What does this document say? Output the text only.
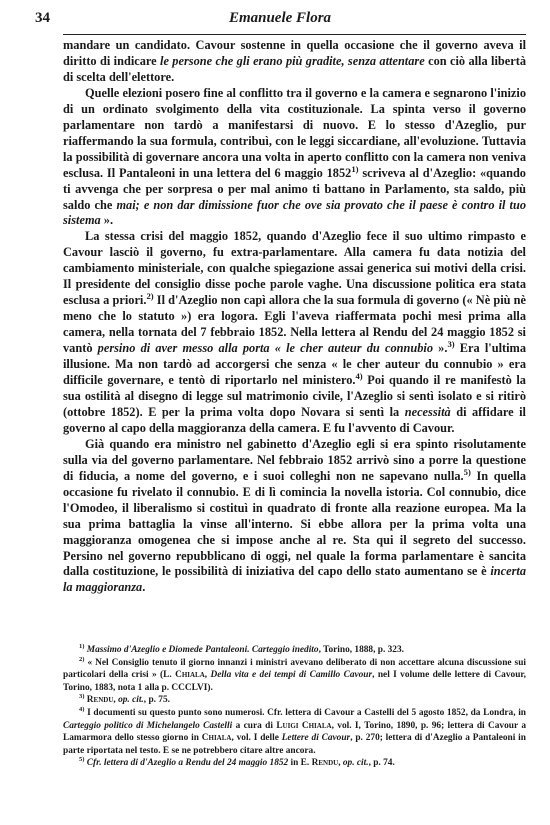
34	Emanuele Flora

mandare un candidato. Cavour sostenne in quella occasione che il governo aveva il diritto di indicare le persone che gli erano più gradite, senza attentare con ciò alla libertà di scelta dell'elettore.

Quelle elezioni posero fine al conflitto tra il governo e la camera e segnarono l'inizio di un ordinato svolgimento della vita costituzionale. La spinta verso il governo parlamentare non tardò a manifestarsi di nuovo. E lo stesso d'Azeglio, pur riaffermando la sua formula, contribuì, con le leggi siccardiane, all'evoluzione. Tuttavia la possibilità di governare ancora una volta in aperto conflitto con la camera non veniva esclusa. Il Pantaleoni in una lettera del 6 maggio 1852$^{1)}$ scriveva al d'Azeglio: «quando ti avvenga che per sorpresa o per mal animo ti battano in Parlamento, sta saldo, più saldo che mai; e non dar dimissione fuor che ove sia provato che il paese è contro il tuo sistema ».

La stessa crisi del maggio 1852, quando d'Azeglio fece il suo ultimo rimpasto e Cavour lasciò il governo, fu extra-parlamentare. Alla camera fu data notizia del cambiamento ministeriale, con qualche spiegazione assai generica sui motivi della crisi. Il presidente del consiglio disse poche parole vaghe. Una discussione politica era stata esclusa a priori.$^{2)}$ Il d'Azeglio non capì allora che la sua formula di governo (« Nè più nè meno che lo statuto ») era logora. Egli l'aveva riaffermata pochi mesi prima alla camera, nella tornata del 7 febbraio 1852. Nella lettera al Rendu del 24 maggio 1852 si vantò persino di aver messo alla porta « le cher auteur du connubio ».$^{3)}$ Era l'ultima illusione. Ma non tardò ad accorgersi che senza « le cher auteur du connubio » era difficile governare, e tentò di riportarlo nel ministero.$^{4)}$ Poi quando il re manifestò la sua ostilità al disegno di legge sul matrimonio civile, l'Azeglio si sentì isolato e si ritirò (ottobre 1852). E per la prima volta dopo Novara si sentì la necessità di affidare il governo al capo della maggioranza della camera. E fu l'avvento di Cavour.

Già quando era ministro nel gabinetto d'Azeglio egli si era spinto risolutamente sulla via del governo parlamentare. Nel febbraio 1852 arrivò sino a porre la questione di fiducia, a nome del governo, e i suoi colleghi non ne sapevano nulla.$^{5)}$ In quella occasione fu rivelato il connubio. E di lì comincia la novella istoria. Col connubio, dice l'Omodeo, il liberalismo si costituì in quadrato di fronte alla reazione europea. Ma la sua prima battaglia la vinse all'interno. Si ebbe allora per la prima volta una maggioranza omogenea che si impose anche al re. Sta qui il segreto del successo. Persino nel governo repubblicano di oggi, nel quale la forma parlamentare è sancita dalla costituzione, le possibilità di iniziativa del capo dello stato aumentano se è incerta la maggioranza.

$^{1)}$ Massimo d'Azeglio e Diomede Pantaleoni. Carteggio inedito, Torino, 1888, p. 323.

$^{2)}$ « Nel Consiglio tenuto il giorno innanzi i ministri avevano deliberato di non accettare alcuna discussione sui particolari della crisi » (L. Chiala, Della vita e dei tempi di Camillo Cavour, nel I volume delle lettere di Cavour, Torino, 1883, nota 1 alla p. CCCLVI).

$^{3)}$ Rendu, op. cit., p. 75.

$^{4)}$ I documenti su questo punto sono numerosi. Cfr. lettera di Cavour a Castelli del 5 agosto 1852, da Londra, in Carteggio politico di Michelangelo Castelli a cura di Luigi Chiala, vol. I, Torino, 1890, p. 96; lettera di Cavour a Lamarmora dello stesso giorno in Chiala, vol. I delle Lettere di Cavour, p. 270; lettera di d'Azeglio a Pantaleoni in parte riportata nel testo. E se ne potrebbero citare altre ancora.

$^{5)}$ Cfr. lettera di d'Azeglio a Rendu del 24 maggio 1852 in E. Rendu, op. cit., p. 74.
